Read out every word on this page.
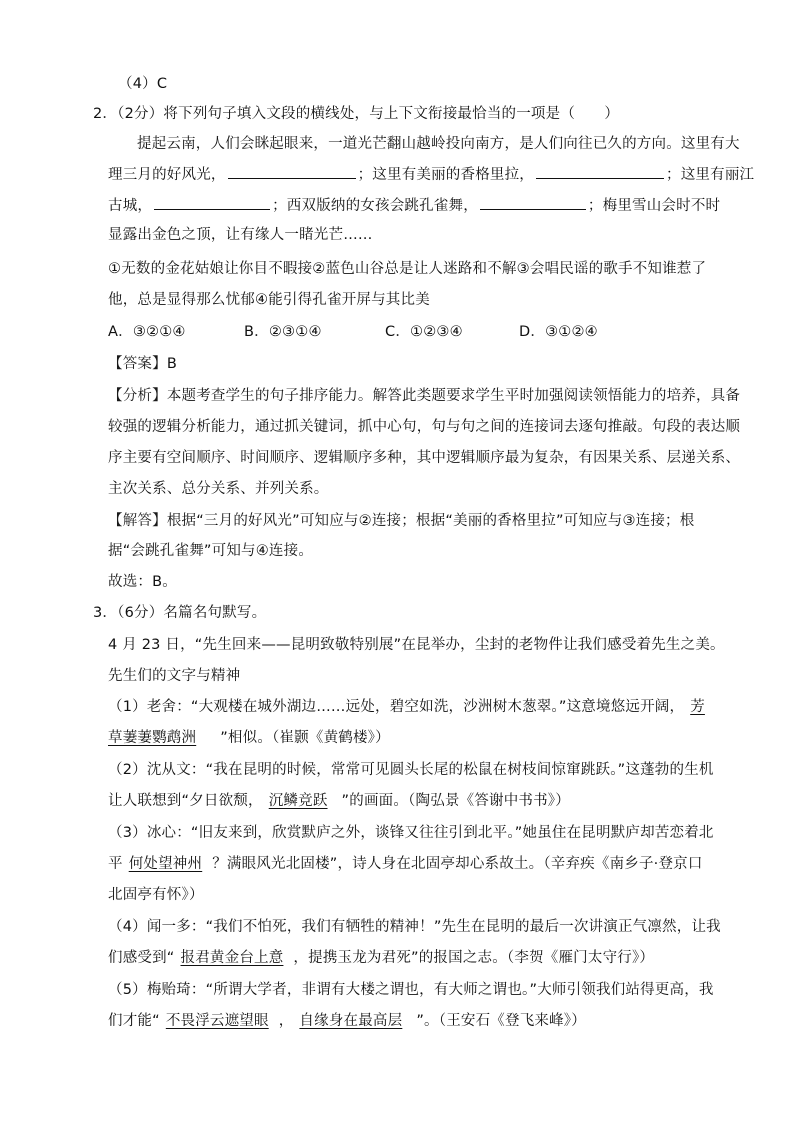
（4）C
2．（2分）将下列句子填入文段的横线处，与上下文衔接最恰当的一项是（　　）
提起云南，人们会眯起眼来，一道光芒翻山越岭投向南方，是人们向往已久的方向。这里有大
理三月的好风光，	；这里有美丽的香格里拉，	；这里有丽江
古城，	；西双版纳的女孩会跳孔雀舞，	；梅里雪山会时不时
显露出金色之顶，让有缘人一睹光芒……
①无数的金花姑娘让你目不暇接②蓝色山谷总是让人迷路和不解③会唱民谣的歌手不知谁惹了
他，总是显得那么忧郁④能引得孔雀开屏与其比美
A．③②①④	B．②③①④	C．①②③④	D．③①②④
【答案】B
【分析】本题考查学生的句子排序能力。解答此类题要求学生平时加强阅读领悟能力的培养，具备
较强的逻辑分析能力，通过抓关键词，抓中心句，句与句之间的连接词去逐句推敲。句段的表达顺
序主要有空间顺序、时间顺序、逻辑顺序多种，其中逻辑顺序最为复杂，有因果关系、层递关系、
主次关系、总分关系、并列关系。
【解答】根据“三月的好风光”可知应与②连接；根据“美丽的香格里拉”可知应与③连接；根
据“会跳孔雀舞”可知与④连接。
故选：B。
3．（6分）名篇名句默写。
4 月 23 日，“先生回来——昆明致敬特别展”在昆举办，尘封的老物件让我们感受着先生之美。
先生们的文字与精神
（1）老舍：“大观楼在城外湖边……远处，碧空如洗，沙洲树木葱翠。”这意境悠远开阔， 芳
草萋萋鹦鹉洲 ”相似。（崔颢《黄鹤楼》）
（2）沈从文：“我在昆明的时候，常常可见圆头长尾的松鼠在树枝间惊窜跳跃。”这蓬勃的生机
让人联想到“夕日欲颓， 沉鳞竞跃 ”的画面。（陶弘景《答谢中书书》）
（3）冰心：“旧友来到，欣赏默庐之外，谈锋又往往引到北平。”她虽住在昆明默庐却苦恋着北
平 何处望神州 ？满眼风光北固楼”，诗人身在北固亭却心系故土。（辛弃疾《南乡子·登京口
北固亭有怀》）
（4）闻一多：“我们不怕死，我们有牺牲的精神！”先生在昆明的最后一次讲演正气凛然，让我
们感受到“ 报君黄金台上意 ，提携玉龙为君死”的报国之志。（李贺《雁门太守行》）
（5）梅贻琦：“所谓大学者，非谓有大楼之谓也，有大师之谓也。”大师引领我们站得更高，我
们才能“ 不畏浮云遮望眼 ， 自缘身在最高层 ”。（王安石《登飞来峰》）
